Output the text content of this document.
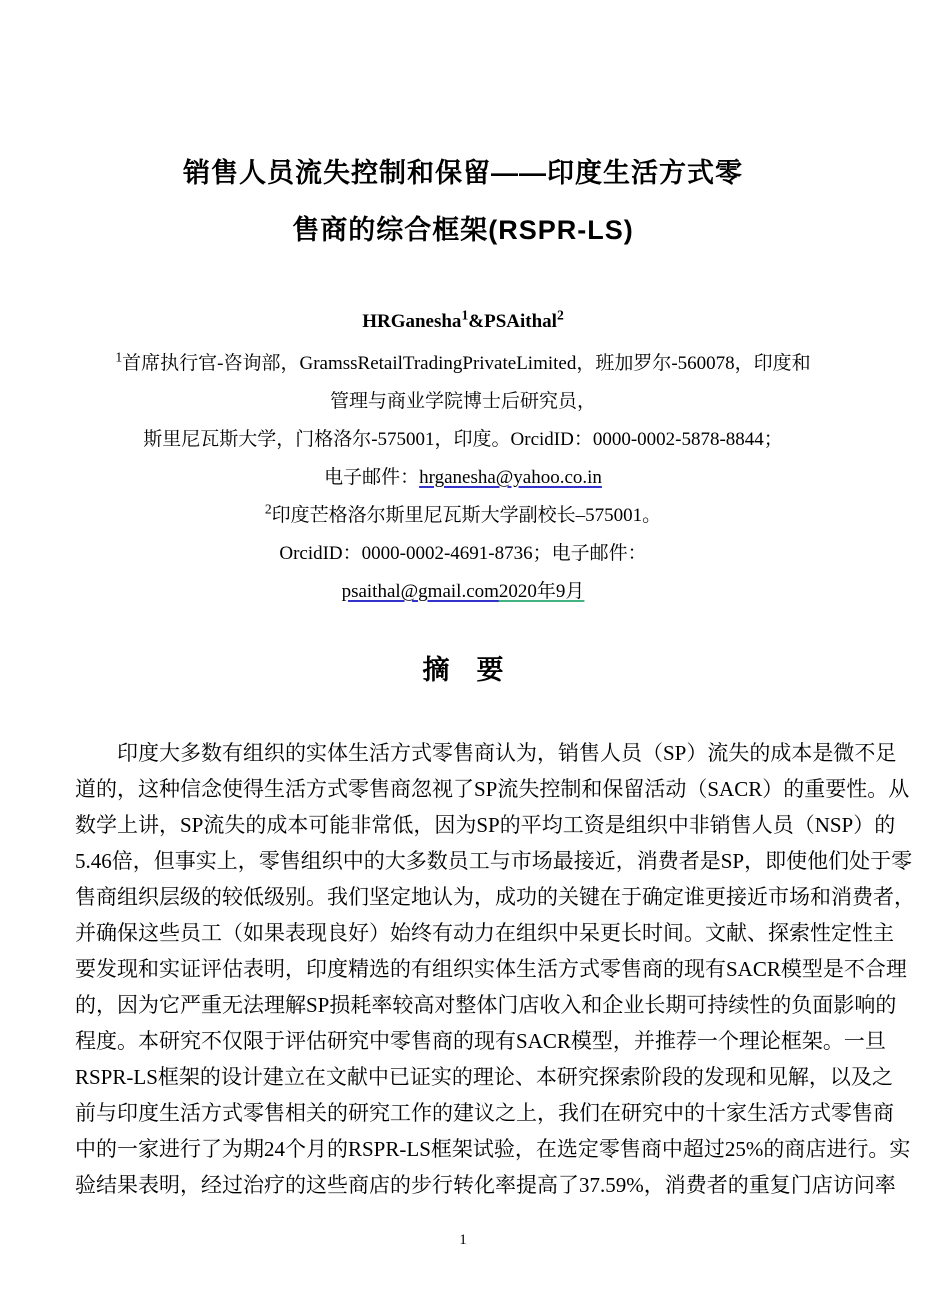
销售人员流失控制和保留——印度生活方式零
售商的综合框架(RSPR-LS)
HRGanesha$^1$&PSAithal$^2$
$^1$首席执行官-咨询部，GramssRetailTradingPrivateLimited，班加罗尔-560078，印度和
管理与商业学院博士后研究员，
斯里尼瓦斯大学，门格洛尔-575001，印度。OrcidID：0000-0002-5878-8844；
电子邮件：hrganesha@yahoo.co.in
$^2$印度芒格洛尔斯里尼瓦斯大学副校长–575001。
OrcidID：0000-0002-4691-8736；电子邮件：
psaithal@gmail.com2020年9月
摘　要
印度大多数有组织的实体生活方式零售商认为，销售人员（SP）流失的成本是微不足
道的，这种信念使得生活方式零售商忽视了SP流失控制和保留活动（SACR）的重要性。从
数学上讲，SP流失的成本可能非常低，因为SP的平均工资是组织中非销售人员（NSP）的
5.46倍，但事实上，零售组织中的大多数员工与市场最接近，消费者是SP，即使他们处于零
售商组织层级的较低级别。我们坚定地认为，成功的关键在于确定谁更接近市场和消费者，
并确保这些员工（如果表现良好）始终有动力在组织中呆更长时间。文献、探索性定性主
要发现和实证评估表明，印度精选的有组织实体生活方式零售商的现有SACR模型是不合理
的，因为它严重无法理解SP损耗率较高对整体门店收入和企业长期可持续性的负面影响的
程度。本研究不仅限于评估研究中零售商的现有SACR模型，并推荐一个理论框架。一旦
RSPR-LS框架的设计建立在文献中已证实的理论、本研究探索阶段的发现和见解，以及之
前与印度生活方式零售相关的研究工作的建议之上，我们在研究中的十家生活方式零售商
中的一家进行了为期24个月的RSPR-LS框架试验，在选定零售商中超过25%的商店进行。实
验结果表明，经过治疗的这些商店的步行转化率提高了37.59%，消费者的重复门店访问率
1
